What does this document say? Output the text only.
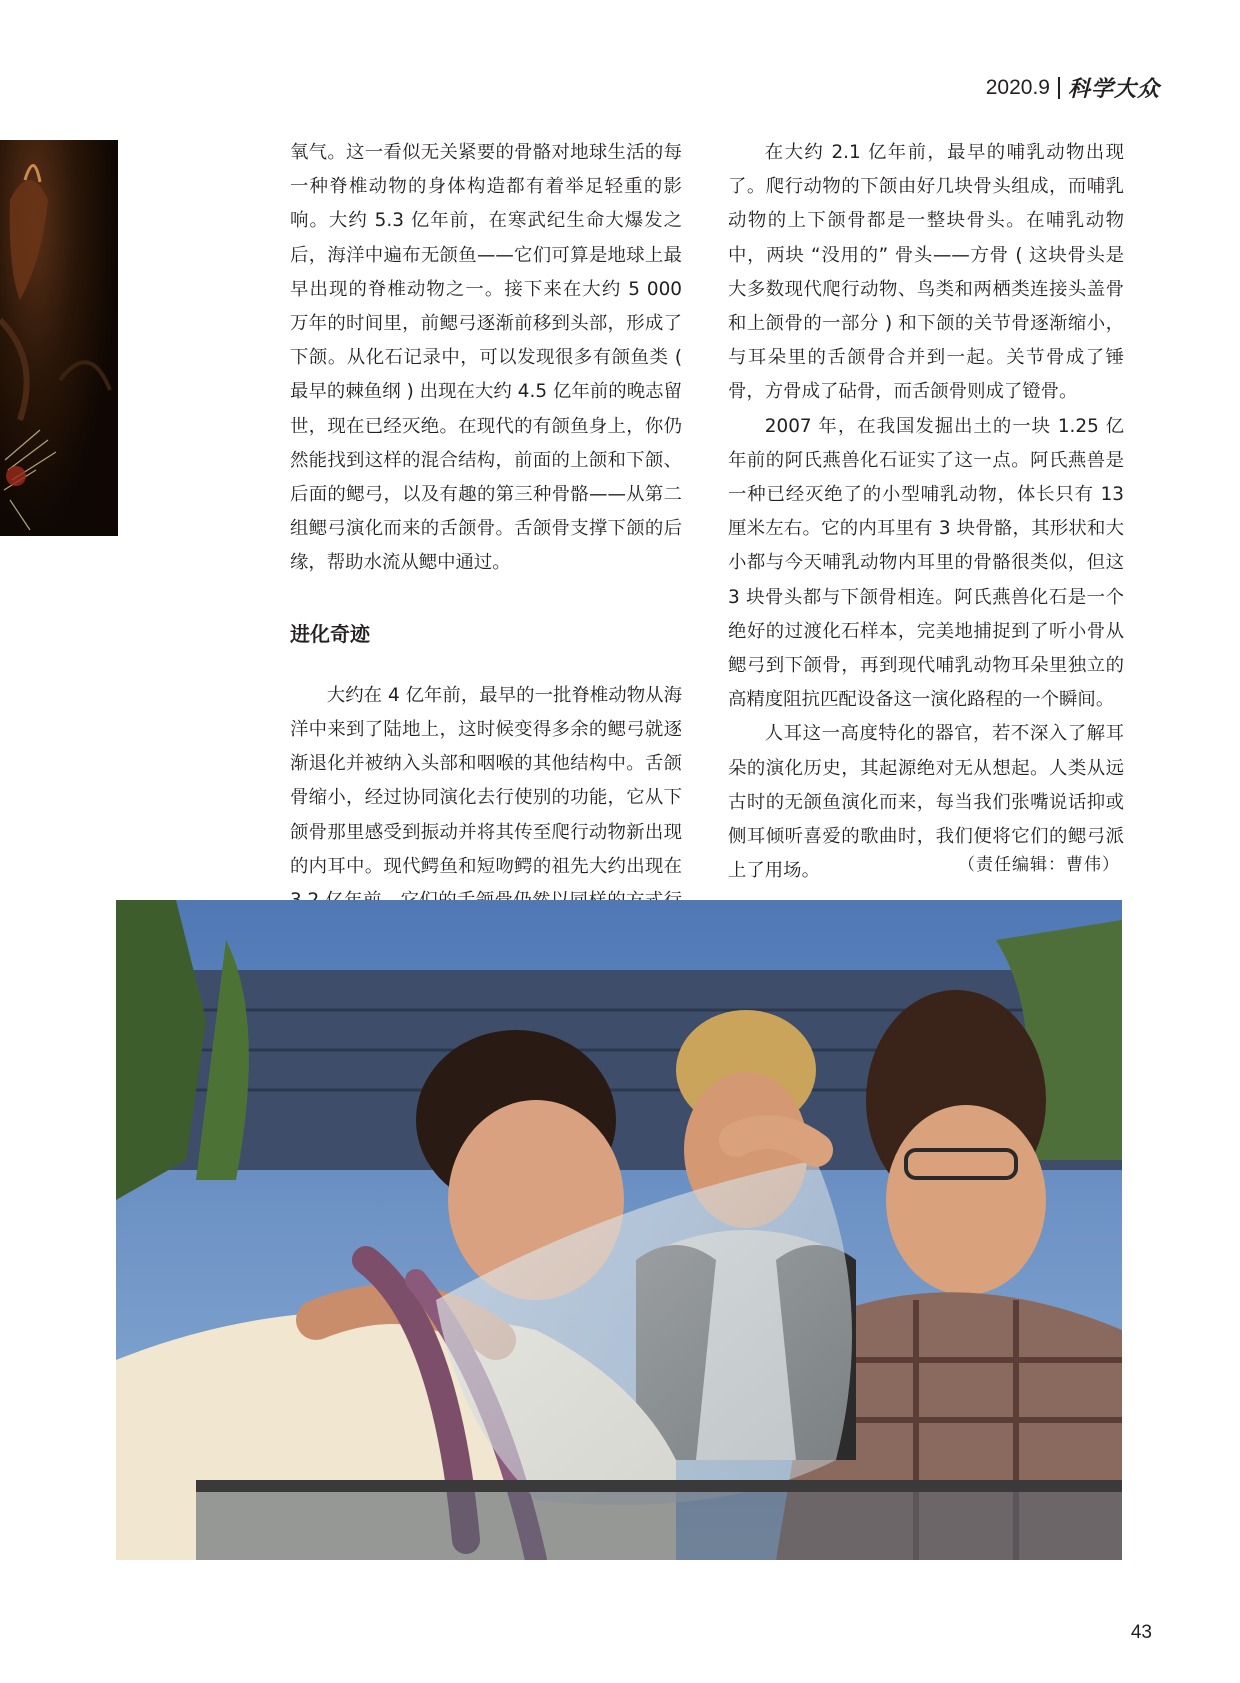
2020.9 科学大众

氧气。这一看似无关紧要的骨骼对地球生活的每一种脊椎动物的身体构造都有着举足轻重的影响。大约 5.3 亿年前，在寒武纪生命大爆发之后，海洋中遍布无颌鱼——它们可算是地球上最早出现的脊椎动物之一。接下来在大约 5 000 万年的时间里，前鳃弓逐渐前移到头部，形成了下颌。从化石记录中，可以发现很多有颌鱼类 ( 最早的棘鱼纲 ) 出现在大约 4.5 亿年前的晚志留世，现在已经灭绝。在现代的有颌鱼身上，你仍然能找到这样的混合结构，前面的上颌和下颌、后面的鳃弓，以及有趣的第三种骨骼——从第二组鳃弓演化而来的舌颌骨。舌颌骨支撑下颌的后缘，帮助水流从鳃中通过。

进化奇迹

大约在 4 亿年前，最早的一批脊椎动物从海洋中来到了陆地上，这时候变得多余的鳃弓就逐渐退化并被纳入头部和咽喉的其他结构中。舌颌骨缩小，经过协同演化去行使别的功能，它从下颌骨那里感受到振动并将其传至爬行动物新出现的内耳中。现代鳄鱼和短吻鳄的祖先大约出现在

在大约 2.1 亿年前，最早的哺乳动物出现了。爬行动物的下颌由好几块骨头组成，而哺乳动物的上下颌骨都是一整块骨头。在哺乳动物中，两块 “没用的” 骨头——方骨 ( 这块骨头是大多数现代爬行动物、鸟类和两栖类连接头盖骨和上颌骨的一部分 ) 和下颌的关节骨逐渐缩小，与耳朵里的舌颌骨合并到一起。关节骨成了锤骨，方骨成了砧骨，而舌颌骨则成了镫骨。

2007 年，在我国发掘出土的一块 1.25 亿年前的阿氏燕兽化石证实了这一点。阿氏燕兽是一种已经灭绝了的小型哺乳动物，体长只有 13 厘米左右。它的内耳里有 3 块骨骼，其形状和大小都与今天哺乳动物内耳里的骨骼很类似，但这 3 块骨头都与下颌骨相连。阿氏燕兽化石是一个绝好的过渡化石样本，完美地捕捉到了听小骨从鳃弓到下颌骨，再到现代哺乳动物耳朵里独立的高精度阻抗匹配设备这一演化路程的一个瞬间。

人耳这一高度特化的器官，若不深入了解耳朵的演化历史，其起源绝对无从想起。人类从远古时的无颌鱼演化而来，每当我们张嘴说话抑或侧耳倾听喜爱的歌曲时，我们便将它们的鳃弓派上了用场。	（责任编辑：曹伟）
43
